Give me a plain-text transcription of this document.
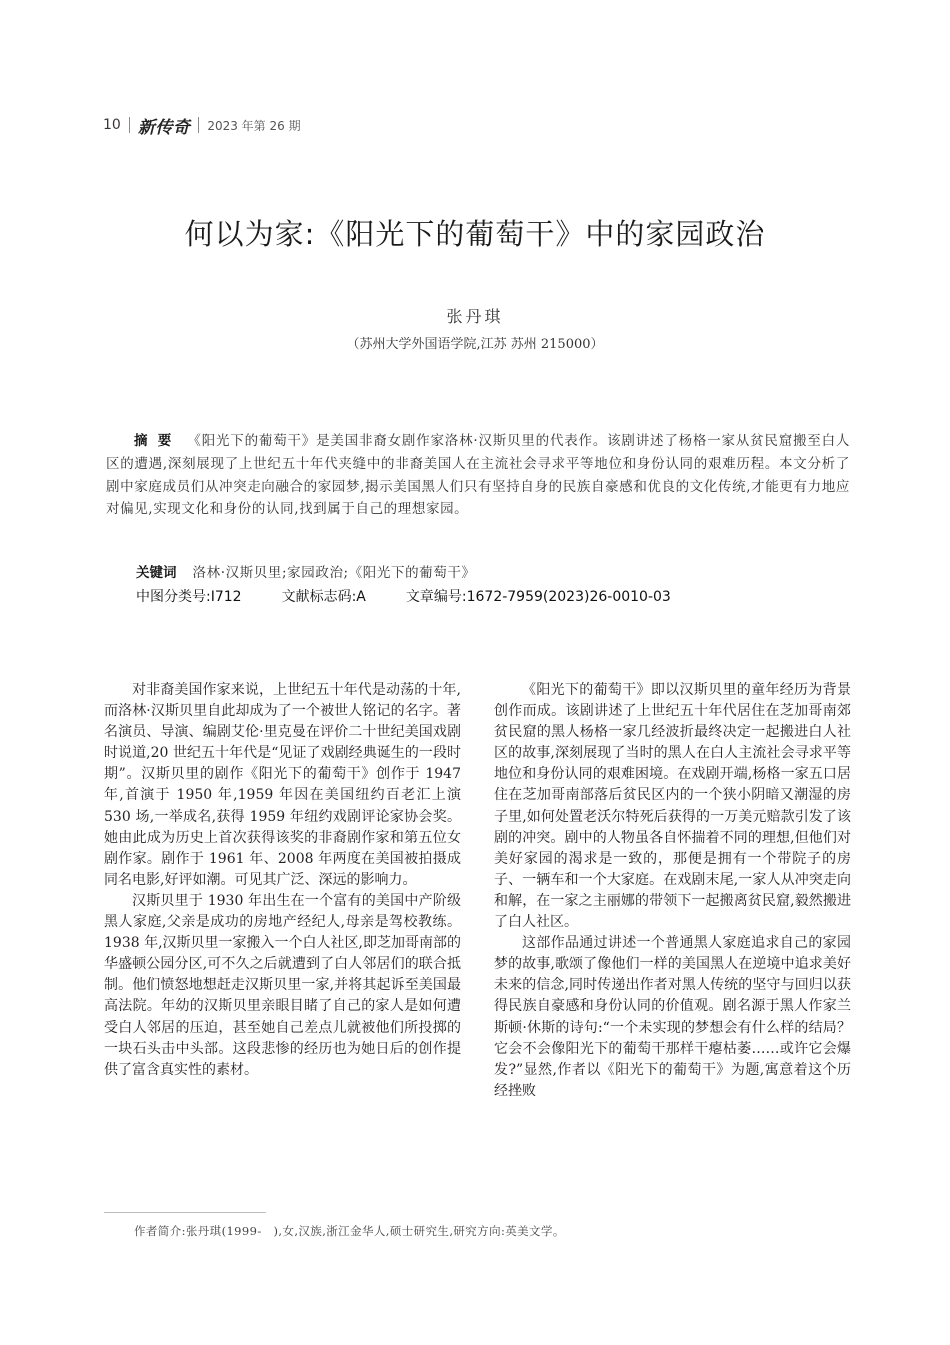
10 新传奇 2023 年第 26 期
何以为家:《阳光下的葡萄干》中的家园政治
张丹琪
（苏州大学外国语学院,江苏 苏州 215000）
摘要 《阳光下的葡萄干》是美国非裔女剧作家洛林·汉斯贝里的代表作。该剧讲述了杨格一家从贫民窟搬至白人区的遭遇,深刻展现了上世纪五十年代夹缝中的非裔美国人在主流社会寻求平等地位和身份认同的艰难历程。本文分析了剧中家庭成员们从冲突走向融合的家园梦,揭示美国黑人们只有坚持自身的民族自豪感和优良的文化传统,才能更有力地应对偏见,实现文化和身份的认同,找到属于自己的理想家园。
关键词 洛林·汉斯贝里;家园政治;《阳光下的葡萄干》
中图分类号:I712	文献标志码:A	文章编号:1672-7959(2023)26-0010-03

对非裔美国作家来说，上世纪五十年代是动荡的十年,而洛林·汉斯贝里自此却成为了一个被世人铭记的名字。著名演员、导演、编剧艾伦·里克曼在评价二十世纪美国戏剧时说道,20 世纪五十年代是“见证了戏剧经典诞生的一段时期”。汉斯贝里的剧作《阳光下的葡萄干》创作于 1947 年,首演于 1950 年,1959 年因在美国纽约百老汇上演 530 场,一举成名,获得 1959 年纽约戏剧评论家协会奖。她由此成为历史上首次获得该奖的非裔剧作家和第五位女剧作家。剧作于 1961 年、2008 年两度在美国被拍摄成同名电影,好评如潮。可见其广泛、深远的影响力。

汉斯贝里于 1930 年出生在一个富有的美国中产阶级黑人家庭,父亲是成功的房地产经纪人,母亲是驾校教练。1938 年,汉斯贝里一家搬入一个白人社区,即芝加哥南部的华盛顿公园分区,可不久之后就遭到了白人邻居们的联合抵制。他们愤怒地想赶走汉斯贝里一家,并将其起诉至美国最高法院。年幼的汉斯贝里亲眼目睹了自己的家人是如何遭受白人邻居的压迫，甚至她自己差点儿就被他们所投掷的一块石头击中头部。这段悲惨的经历也为她日后的创作提供了富含真实性的素材。

《阳光下的葡萄干》即以汉斯贝里的童年经历为背景创作而成。该剧讲述了上世纪五十年代居住在芝加哥南郊贫民窟的黑人杨格一家几经波折最终决定一起搬进白人社区的故事,深刻展现了当时的黑人在白人主流社会寻求平等地位和身份认同的艰难困境。在戏剧开端,杨格一家五口居住在芝加哥南部落后贫民区内的一个狭小阴暗又潮湿的房子里,如何处置老沃尔特死后获得的一万美元赔款引发了该剧的冲突。剧中的人物虽各自怀揣着不同的理想,但他们对美好家园的渴求是一致的，那便是拥有一个带院子的房子、一辆车和一个大家庭。在戏剧末尾,一家人从冲突走向和解，在一家之主丽娜的带领下一起搬离贫民窟,毅然搬进了白人社区。

这部作品通过讲述一个普通黑人家庭追求自己的家园梦的故事,歌颂了像他们一样的美国黑人在逆境中追求美好未来的信念,同时传递出作者对黑人传统的坚守与回归以获得民族自豪感和身份认同的价值观。剧名源于黑人作家兰斯顿·休斯的诗句:“一个未实现的梦想会有什么样的结局？它会不会像阳光下的葡萄干那样干瘪枯萎……或许它会爆发?”显然,作者以《阳光下的葡萄干》为题,寓意着这个历经挫败

作者简介:张丹琪(1999-　),女,汉族,浙江金华人,硕士研究生,研究方向:英美文学。
